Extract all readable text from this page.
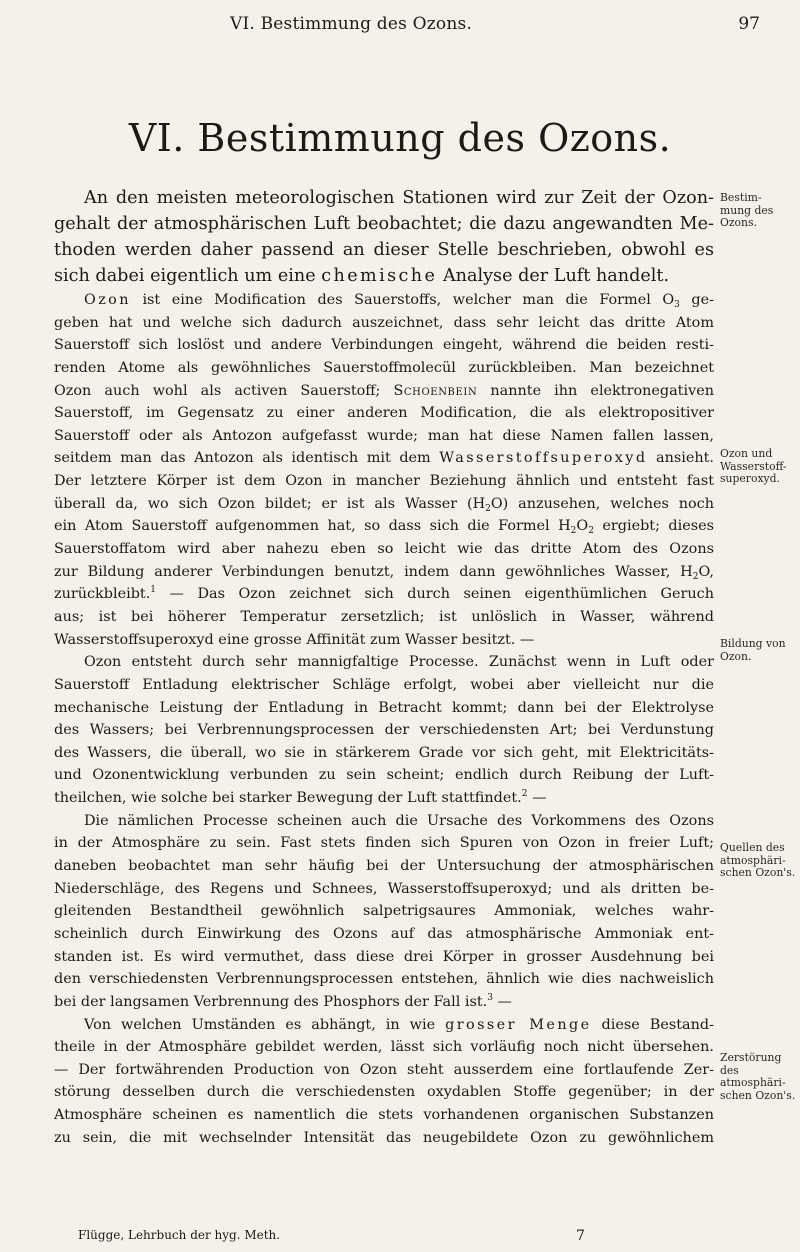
VI. Bestimmung des Ozons.	97
VI. Bestimmung des Ozons.
An den meisten meteorologischen Stationen wird zur Zeit der Ozon-
gehalt der atmosphärischen Luft beobachtet; die dazu angewandten Me-
thoden werden daher passend an dieser Stelle beschrieben, obwohl es
sich dabei eigentlich um eine chemische Analyse der Luft handelt.
Ozon ist eine Modification des Sauerstoffs, welcher man die Formel $O_3$ ge-
geben hat und welche sich dadurch auszeichnet, dass sehr leicht das dritte Atom
Sauerstoff sich loslöst und andere Verbindungen eingeht, während die beiden resti-
renden Atome als gewöhnliches Sauerstoffmolecül zurückbleiben. Man bezeichnet
Ozon auch wohl als activen Sauerstoff; Schoenbein nannte ihn elektronegativen
Sauerstoff, im Gegensatz zu einer anderen Modification, die als elektropositiver
Sauerstoff oder als Antozon aufgefasst wurde; man hat diese Namen fallen lassen,
seitdem man das Antozon als identisch mit dem Wasserstoffsuperoxyd ansieht.
Der letztere Körper ist dem Ozon in mancher Beziehung ähnlich und entsteht fast
überall da, wo sich Ozon bildet; er ist als Wasser $(H_2O)$ anzusehen, welches noch
ein Atom Sauerstoff aufgenommen hat, so dass sich die Formel $H_2O_2$ ergiebt; dieses
Sauerstoffatom wird aber nahezu eben so leicht wie das dritte Atom des Ozons
zur Bildung anderer Verbindungen benutzt, indem dann gewöhnliches Wasser, $H_2O$,
zurückbleibt.$^1$ — Das Ozon zeichnet sich durch seinen eigenthümlichen Geruch
aus; ist bei höherer Temperatur zersetzlich; ist unlöslich in Wasser, während
Wasserstoffsuperoxyd eine grosse Affinität zum Wasser besitzt. —
Ozon entsteht durch sehr mannigfaltige Processe. Zunächst wenn in Luft oder
Sauerstoff Entladung elektrischer Schläge erfolgt, wobei aber vielleicht nur die
mechanische Leistung der Entladung in Betracht kommt; dann bei der Elektrolyse
des Wassers; bei Verbrennungsprocessen der verschiedensten Art; bei Verdunstung
des Wassers, die überall, wo sie in stärkerem Grade vor sich geht, mit Elektricitäts-
und Ozonentwicklung verbunden zu sein scheint; endlich durch Reibung der Luft-
theilchen, wie solche bei starker Bewegung der Luft stattfindet.$^2$ —
Die nämlichen Processe scheinen auch die Ursache des Vorkommens des Ozons
in der Atmosphäre zu sein. Fast stets finden sich Spuren von Ozon in freier Luft;
daneben beobachtet man sehr häufig bei der Untersuchung der atmosphärischen
Niederschläge, des Regens und Schnees, Wasserstoffsuperoxyd; und als dritten be-
gleitenden Bestandtheil gewöhnlich salpetrigsaures Ammoniak, welches wahr-
scheinlich durch Einwirkung des Ozons auf das atmosphärische Ammoniak ent-
standen ist. Es wird vermuthet, dass diese drei Körper in grosser Ausdehnung bei
den verschiedensten Verbrennungsprocessen entstehen, ähnlich wie dies nachweislich
bei der langsamen Verbrennung des Phosphors der Fall ist.$^3$ —
Von welchen Umständen es abhängt, in wie grosser Menge diese Bestand-
theile in der Atmosphäre gebildet werden, lässt sich vorläufig noch nicht übersehen.
— Der fortwährenden Production von Ozon steht ausserdem eine fortlaufende Zer-
störung desselben durch die verschiedensten oxydablen Stoffe gegenüber; in der
Atmosphäre scheinen es namentlich die stets vorhandenen organischen Substanzen
zu sein, die mit wechselnder Intensität das neugebildete Ozon zu gewöhnlichem
Bestim-
mung des
Ozons.
Ozon und
Wasserstoff-
superoxyd.
Bildung von
Ozon.
Quellen des
atmosphäri-
schen Ozon's.
Zerstörung des
atmosphäri-
schen Ozon's.
Flügge, Lehrbuch der hyg. Meth.	7
